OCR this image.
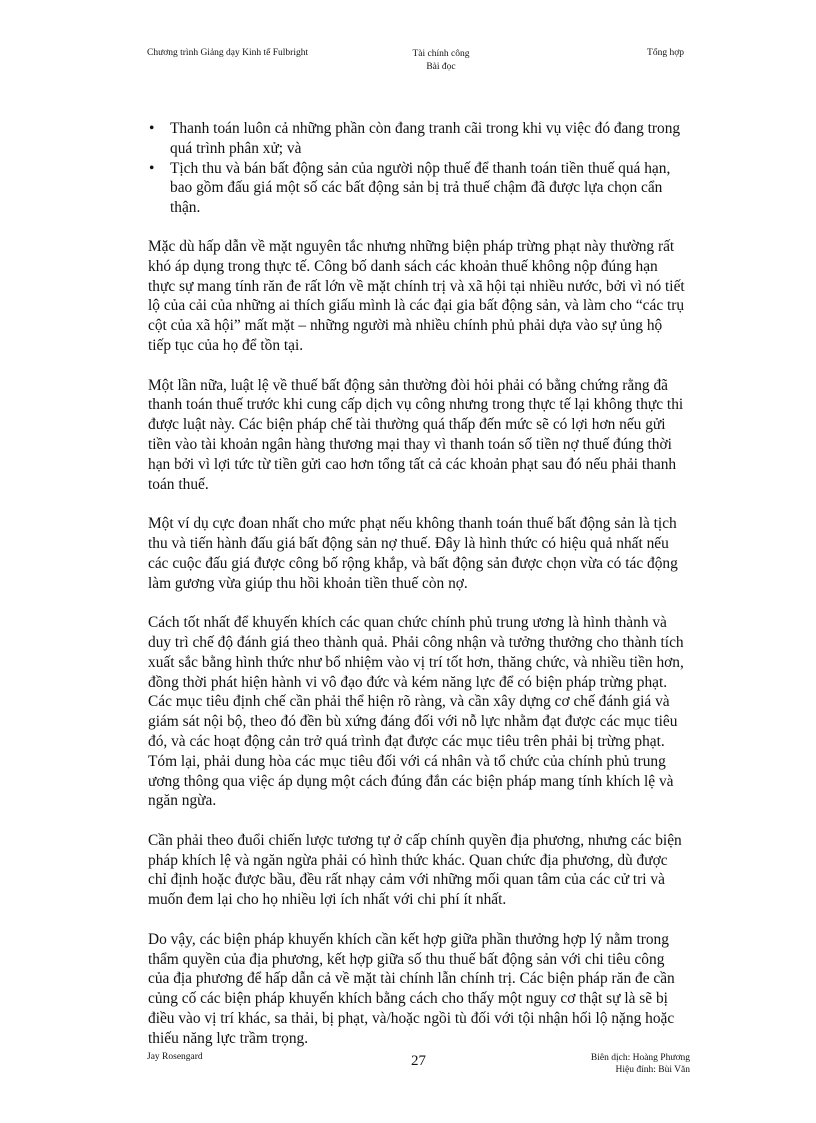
Chương trình Giảng dạy Kinh tế Fulbright	Tài chính công
Bài đọc
Tổng hợp
• Thanh toán luôn cả những phần còn đang tranh cãi trong khi vụ việc đó đang trong quá trình phân xử; và
• Tịch thu và bán bất động sản của người nộp thuế để thanh toán tiền thuế quá hạn, bao gồm đấu giá một số các bất động sản bị trả thuế chậm đã được lựa chọn cẩn thận.

Mặc dù hấp dẫn về mặt nguyên tắc nhưng những biện pháp trừng phạt này thường rất khó áp dụng trong thực tế. Công bố danh sách các khoản thuế không nộp đúng hạn thực sự mang tính răn đe rất lớn về mặt chính trị và xã hội tại nhiều nước, bởi vì nó tiết lộ của cải của những ai thích giấu mình là các đại gia bất động sản, và làm cho “các trụ cột của xã hội” mất mặt – những người mà nhiều chính phủ phải dựa vào sự ủng hộ tiếp tục của họ để tồn tại.

Một lần nữa, luật lệ về thuế bất động sản thường đòi hỏi phải có bằng chứng rằng đã thanh toán thuế trước khi cung cấp dịch vụ công nhưng trong thực tế lại không thực thi được luật này. Các biện pháp chế tài thường quá thấp đến mức sẽ có lợi hơn nếu gửi tiền vào tài khoản ngân hàng thương mại thay vì thanh toán số tiền nợ thuế đúng thời hạn bởi vì lợi tức từ tiền gửi cao hơn tổng tất cả các khoản phạt sau đó nếu phải thanh toán thuế.

Một ví dụ cực đoan nhất cho mức phạt nếu không thanh toán thuế bất động sản là tịch thu và tiến hành đấu giá bất động sản nợ thuế. Đây là hình thức có hiệu quả nhất nếu các cuộc đấu giá được công bố rộng khắp, và bất động sản được chọn vừa có tác động làm gương vừa giúp thu hồi khoản tiền thuế còn nợ.

Cách tốt nhất để khuyến khích các quan chức chính phủ trung ương là hình thành và duy trì chế độ đánh giá theo thành quả. Phải công nhận và tưởng thưởng cho thành tích xuất sắc bằng hình thức như bổ nhiệm vào vị trí tốt hơn, thăng chức, và nhiều tiền hơn, đồng thời phát hiện hành vi vô đạo đức và kém năng lực để có biện pháp trừng phạt. Các mục tiêu định chế cần phải thể hiện rõ ràng, và cần xây dựng cơ chế đánh giá và giám sát nội bộ, theo đó đền bù xứng đáng đối với nỗ lực nhằm đạt được các mục tiêu đó, và các hoạt động cản trở quá trình đạt được các mục tiêu trên phải bị trừng phạt. Tóm lại, phải dung hòa các mục tiêu đối với cá nhân và tổ chức của chính phủ trung ương thông qua việc áp dụng một cách đúng đắn các biện pháp mang tính khích lệ và ngăn ngừa.

Cần phải theo đuổi chiến lược tương tự ở cấp chính quyền địa phương, nhưng các biện pháp khích lệ và ngăn ngừa phải có hình thức khác. Quan chức địa phương, dù được chỉ định hoặc được bầu, đều rất nhạy cảm với những mối quan tâm của các cử tri và muốn đem lại cho họ nhiều lợi ích nhất với chi phí ít nhất.

Do vậy, các biện pháp khuyến khích cần kết hợp giữa phần thưởng hợp lý nằm trong thẩm quyền của địa phương, kết hợp giữa số thu thuế bất động sản với chi tiêu công của địa phương để hấp dẫn cả về mặt tài chính lẫn chính trị. Các biện pháp răn đe cần củng cố các biện pháp khuyến khích bằng cách cho thấy một nguy cơ thật sự là sẽ bị điều vào vị trí khác, sa thải, bị phạt, và/hoặc ngồi tù đối với tội nhận hối lộ nặng hoặc thiếu năng lực trầm trọng.

Jay Rosengard	27	Biên dịch: Hoàng Phương
Hiệu đính: Bùi Văn
